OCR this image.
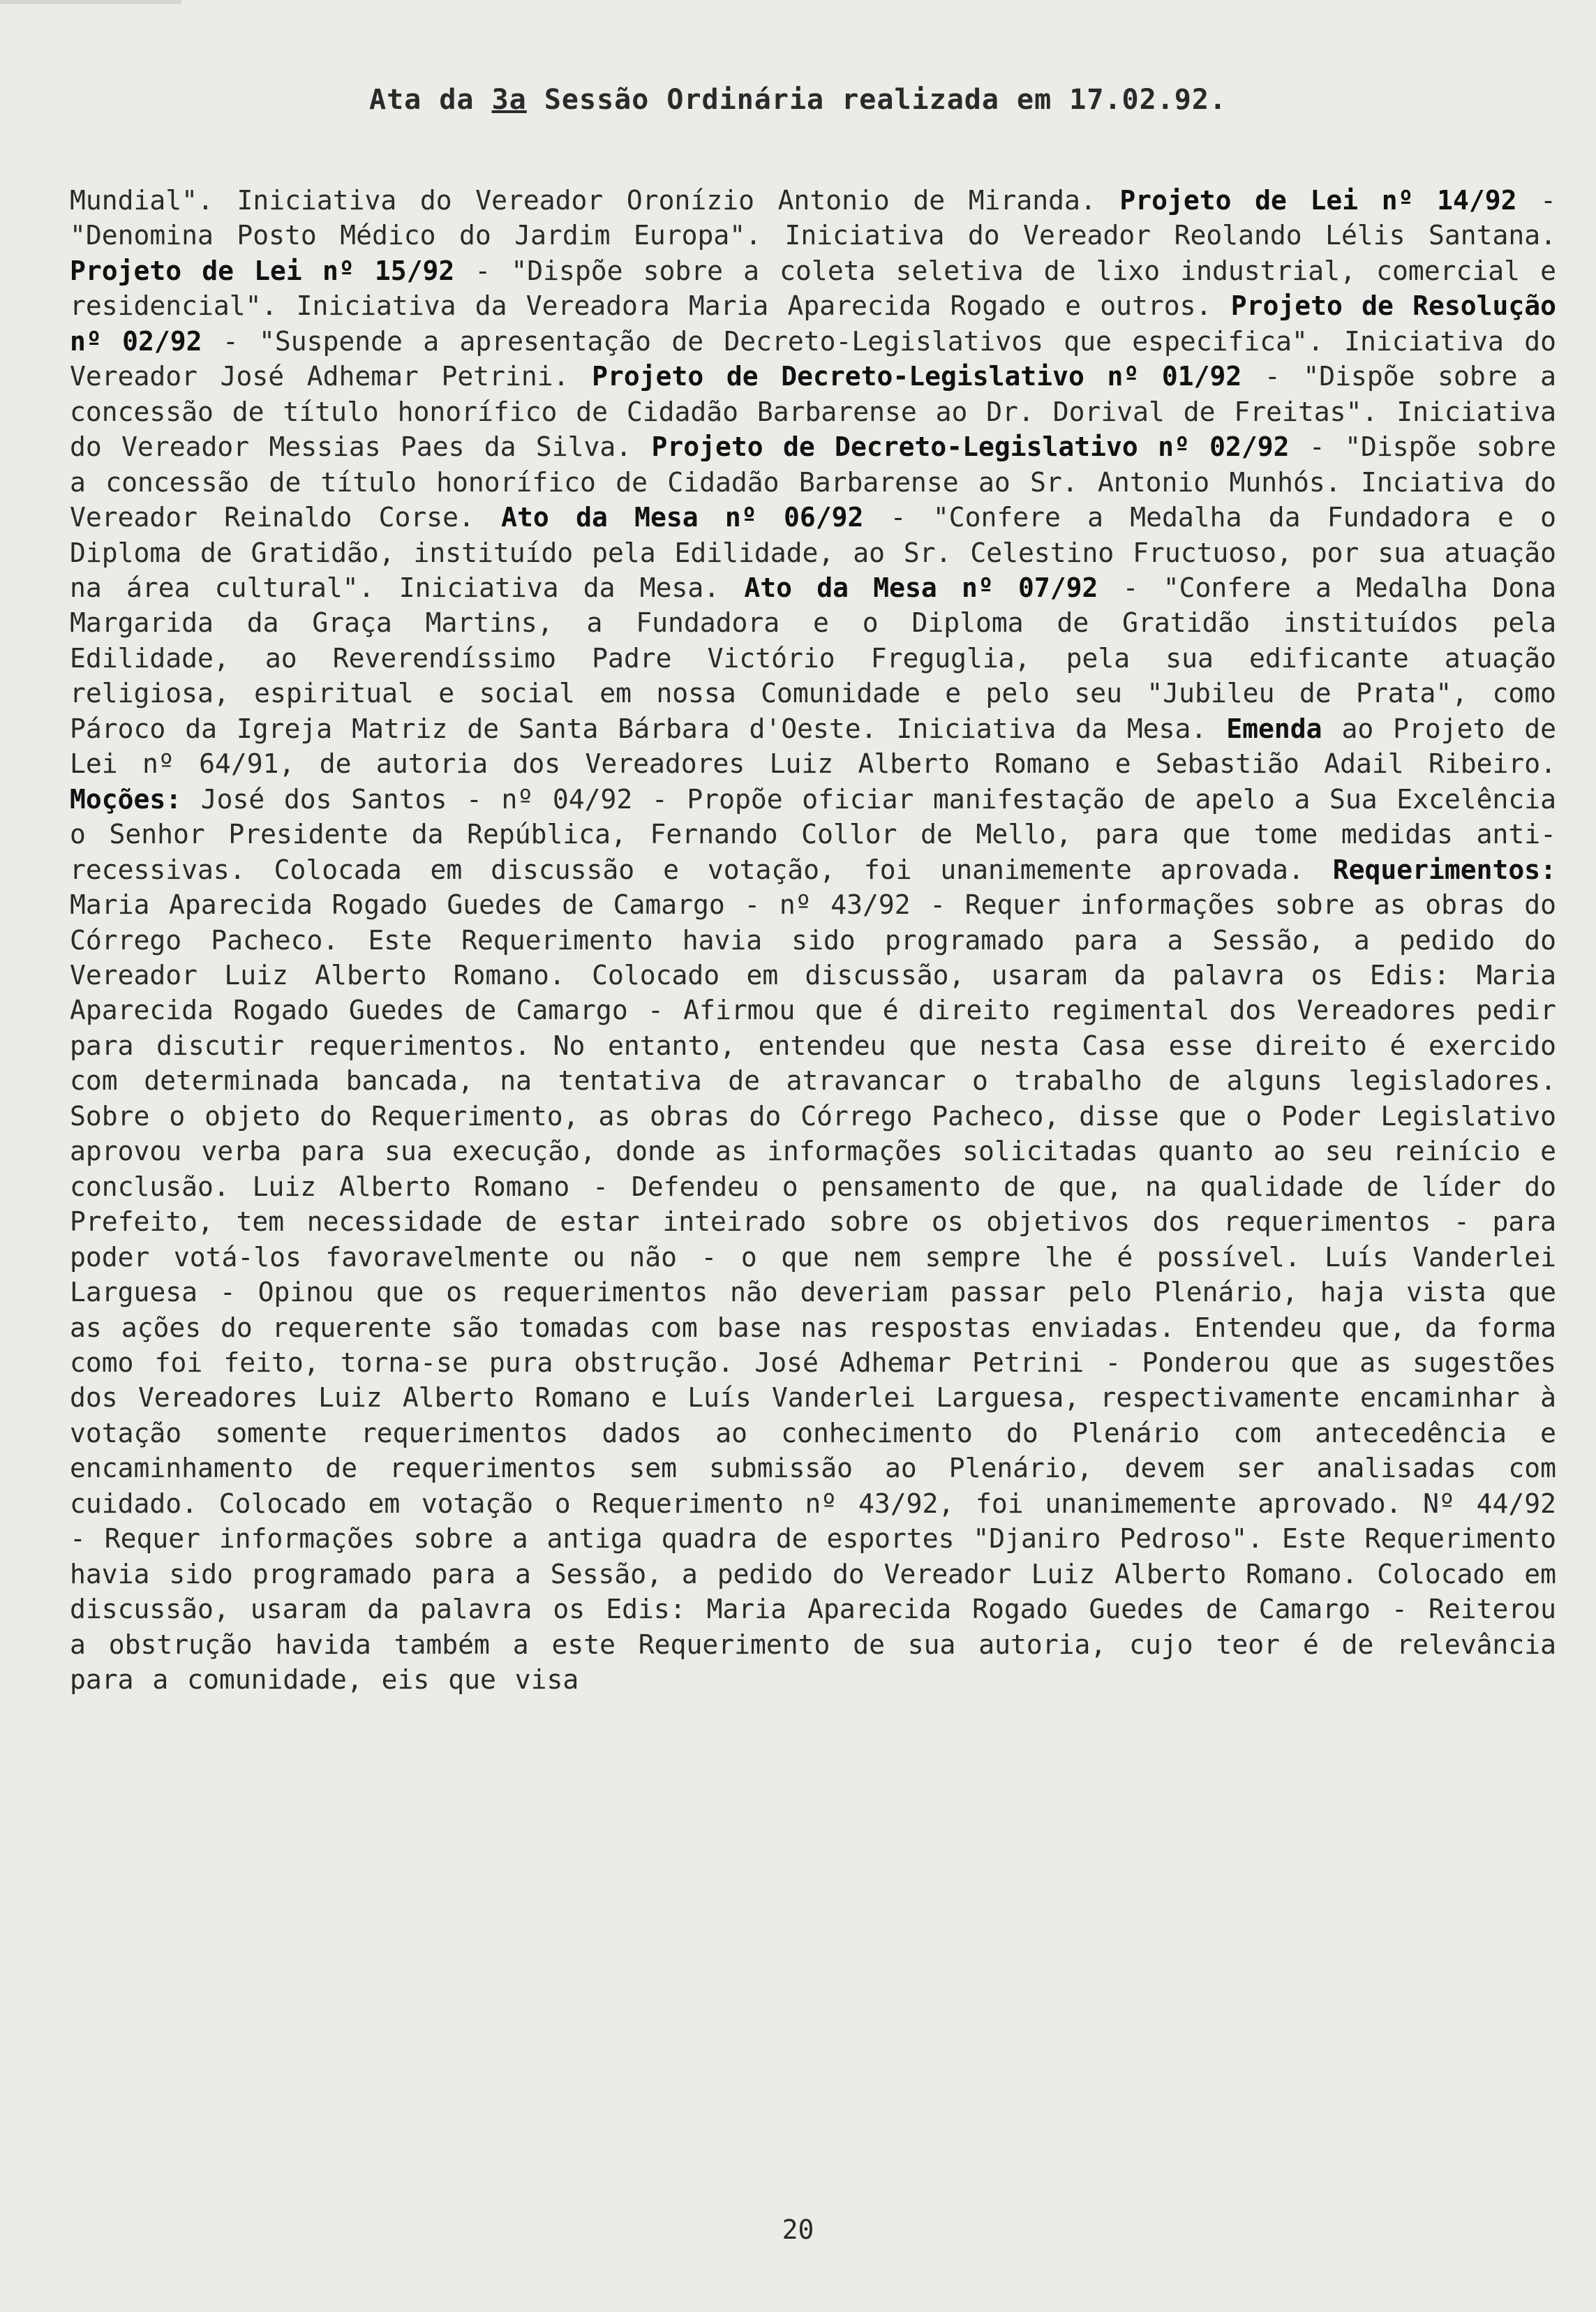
Ata da 3a Sessão Ordinária realizada em 17.02.92.

Mundial". Iniciativa do Vereador Oronízio Antonio de Miranda. Projeto de Lei nº 14/92 - "Denomina Posto Médico do Jardim Europa". Iniciativa do Vereador Reolando Lélis Santana. Projeto de Lei nº 15/92 - "Dispõe sobre a coleta seletiva de lixo industrial, comercial e residencial". Iniciativa da Vereadora Maria Aparecida Rogado e outros. Projeto de Resolução nº 02/92 - "Suspende a apresentação de Decreto-Legislativos que especifica". Iniciativa do Vereador José Adhemar Petrini. Projeto de Decreto-Legislativo nº 01/92 - "Dispõe sobre a concessão de título honorífico de Cidadão Barbarense ao Dr. Dorival de Freitas". Iniciativa do Vereador Messias Paes da Silva. Projeto de Decreto-Legislativo nº 02/92 - "Dispõe sobre a concessão de título honorífico de Cidadão Barbarense ao Sr. Antonio Munhós. Inciativa do Vereador Reinaldo Corse. Ato da Mesa nº 06/92 - "Confere a Medalha da Fundadora e o Diploma de Gratidão, instituído pela Edilidade, ao Sr. Celestino Fructuoso, por sua atuação na área cultural". Iniciativa da Mesa. Ato da Mesa nº 07/92 - "Confere a Medalha Dona Margarida da Graça Martins, a Fundadora e o Diploma de Gratidão instituídos pela Edilidade, ao Reverendíssimo Padre Victório Freguglia, pela sua edificante atuação religiosa, espiritual e social em nossa Comunidade e pelo seu "Jubileu de Prata", como Pároco da Igreja Matriz de Santa Bárbara d'Oeste. Iniciativa da Mesa. Emenda ao Projeto de Lei nº 64/91, de autoria dos Vereadores Luiz Alberto Romano e Sebastião Adail Ribeiro. Moções: José dos Santos - nº 04/92 - Propõe oficiar manifestação de apelo a Sua Excelência o Senhor Presidente da República, Fernando Collor de Mello, para que tome medidas anti-recessivas. Colocada em discussão e votação, foi unanimemente aprovada. Requerimentos: Maria Aparecida Rogado Guedes de Camargo - nº 43/92 - Requer informações sobre as obras do Córrego Pacheco. Este Requerimento havia sido programado para a Sessão, a pedido do Vereador Luiz Alberto Romano. Colocado em discussão, usaram da palavra os Edis: Maria Aparecida Rogado Guedes de Camargo - Afirmou que é direito regimental dos Vereadores pedir para discutir requerimentos. No entanto, entendeu que nesta Casa esse direito é exercido com determinada bancada, na tentativa de atravancar o trabalho de alguns legisladores. Sobre o objeto do Requerimento, as obras do Córrego Pacheco, disse que o Poder Legislativo aprovou verba para sua execução, donde as informações solicitadas quanto ao seu reinício e conclusão. Luiz Alberto Romano - Defendeu o pensamento de que, na qualidade de líder do Prefeito, tem necessidade de estar inteirado sobre os objetivos dos requerimentos - para poder votá-los favoravelmente ou não - o que nem sempre lhe é possível. Luís Vanderlei Larguesa - Opinou que os requerimentos não deveriam passar pelo Plenário, haja vista que as ações do requerente são tomadas com base nas respostas enviadas. Entendeu que, da forma como foi feito, torna-se pura obstrução. José Adhemar Petrini - Ponderou que as sugestões dos Vereadores Luiz Alberto Romano e Luís Vanderlei Larguesa, respectivamente encaminhar à votação somente requerimentos dados ao conhecimento do Plenário com antecedência e encaminhamento de requerimentos sem submissão ao Plenário, devem ser analisadas com cuidado. Colocado em votação o Requerimento nº 43/92, foi unanimemente aprovado. Nº 44/92 - Requer informações sobre a antiga quadra de esportes "Djaniro Pedroso". Este Requerimento havia sido programado para a Sessão, a pedido do Vereador Luiz Alberto Romano. Colocado em discussão, usaram da palavra os Edis: Maria Aparecida Rogado Guedes de Camargo - Reiterou a obstrução havida também a este Requerimento de sua autoria, cujo teor é de relevância para a comunidade, eis que visa

20
